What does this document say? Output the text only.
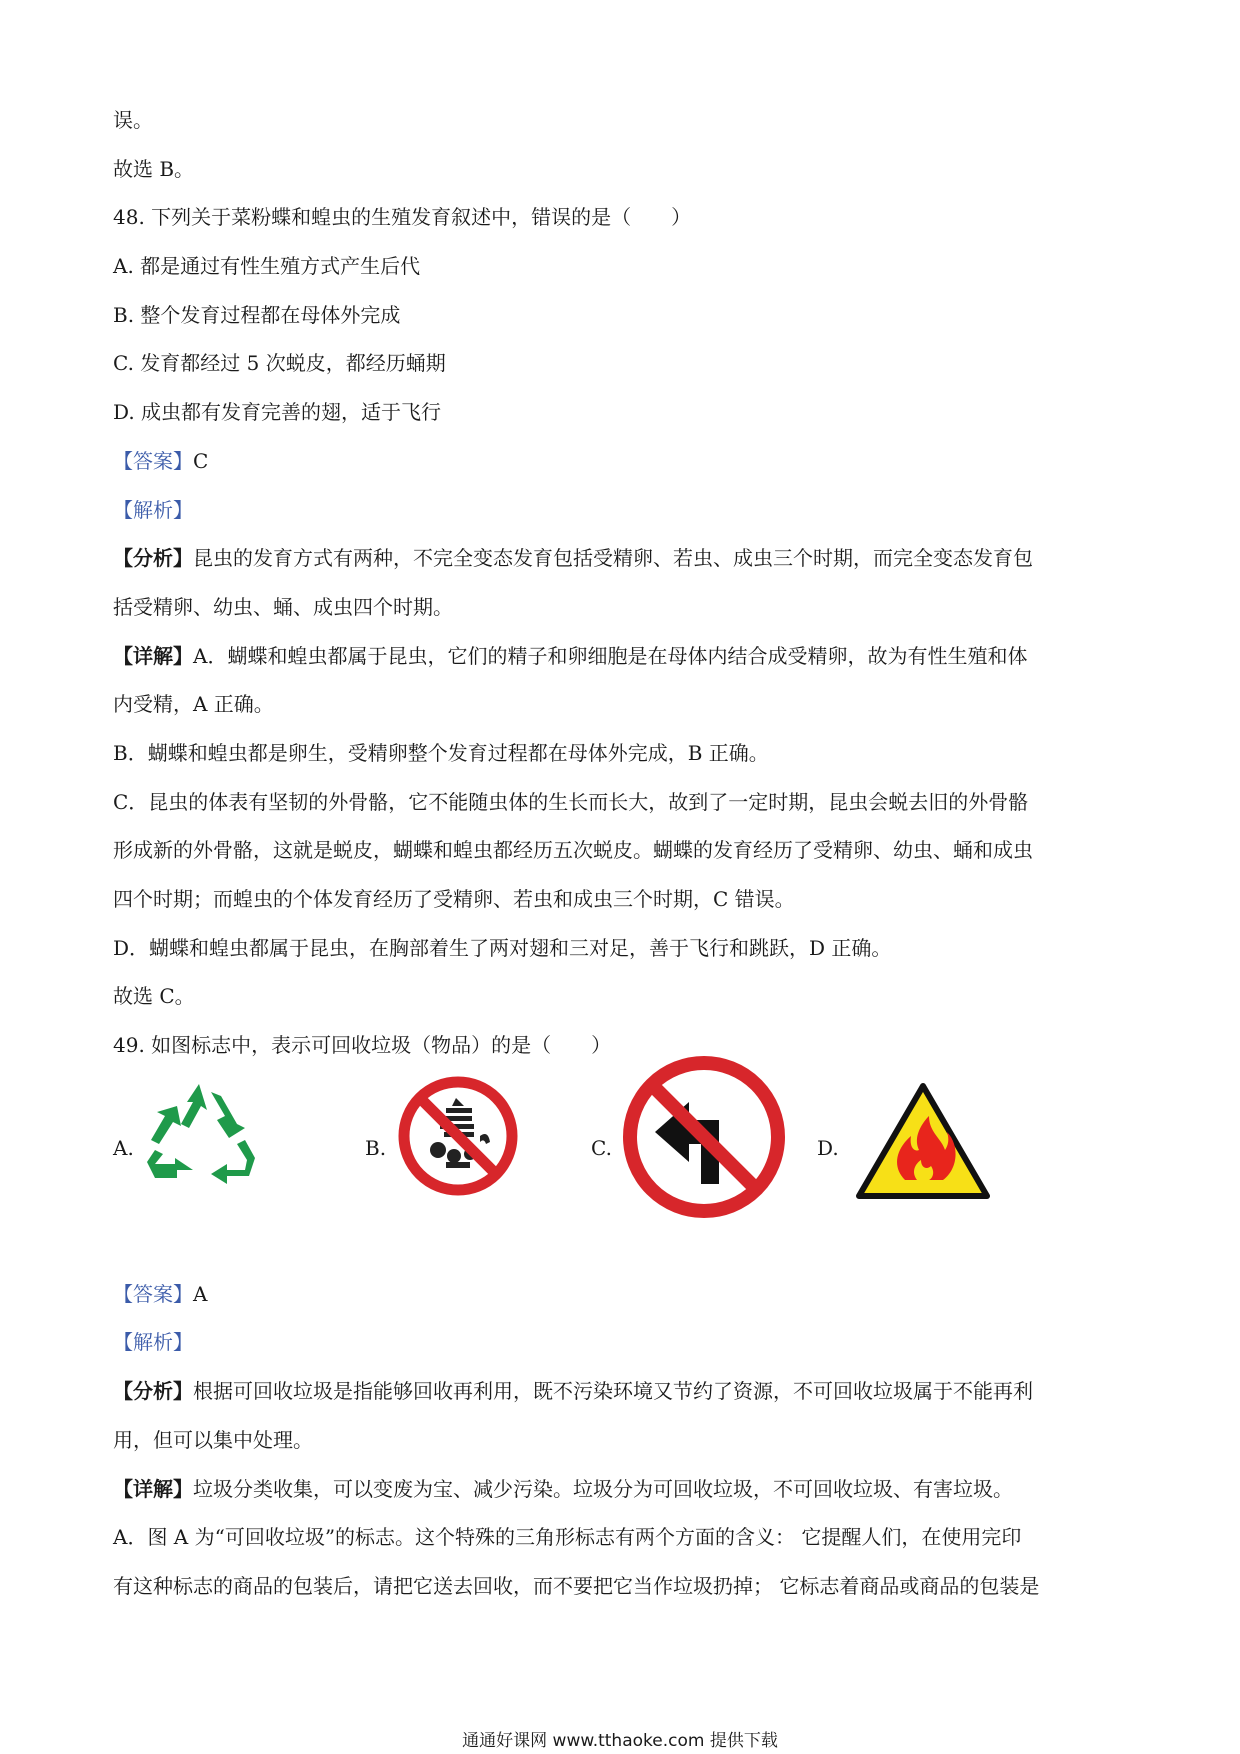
误。
故选 B。
48. 下列关于菜粉蝶和蝗虫的生殖发育叙述中，错误的是（　　）
A. 都是通过有性生殖方式产生后代
B. 整个发育过程都在母体外完成
C. 发育都经过 5 次蜕皮，都经历蛹期
D. 成虫都有发育完善的翅，适于飞行
【答案】C
【解析】
【分析】昆虫的发育方式有两种，不完全变态发育包括受精卵、若虫、成虫三个时期，而完全变态发育包
括受精卵、幼虫、蛹、成虫四个时期。
【详解】A．蝴蝶和蝗虫都属于昆虫，它们的精子和卵细胞是在母体内结合成受精卵，故为有性生殖和体
内受精，A 正确。
B．蝴蝶和蝗虫都是卵生，受精卵整个发育过程都在母体外完成，B 正确。
C．昆虫的体表有坚韧的外骨骼，它不能随虫体的生长而长大，故到了一定时期，昆虫会蜕去旧的外骨骼
形成新的外骨骼，这就是蜕皮，蝴蝶和蝗虫都经历五次蜕皮。蝴蝶的发育经历了受精卵、幼虫、蛹和成虫
四个时期；而蝗虫的个体发育经历了受精卵、若虫和成虫三个时期，C 错误。
D．蝴蝶和蝗虫都属于昆虫，在胸部着生了两对翅和三对足，善于飞行和跳跃，D 正确。
故选 C。
49. 如图标志中，表示可回收垃圾（物品）的是（　　）
A.	B.	C.	D.
【答案】A
【解析】
【分析】根据可回收垃圾是指能够回收再利用，既不污染环境又节约了资源，不可回收垃圾属于不能再利
用，但可以集中处理。
【详解】垃圾分类收集，可以变废为宝、减少污染。垃圾分为可回收垃圾，不可回收垃圾、有害垃圾。
A．图 A 为“可回收垃圾”的标志。这个特殊的三角形标志有两个方面的含义： 它提醒人们，在使用完印
有这种标志的商品的包装后，请把它送去回收，而不要把它当作垃圾扔掉； 它标志着商品或商品的包装是
通通好课网 www.tthaoke.com 提供下载
